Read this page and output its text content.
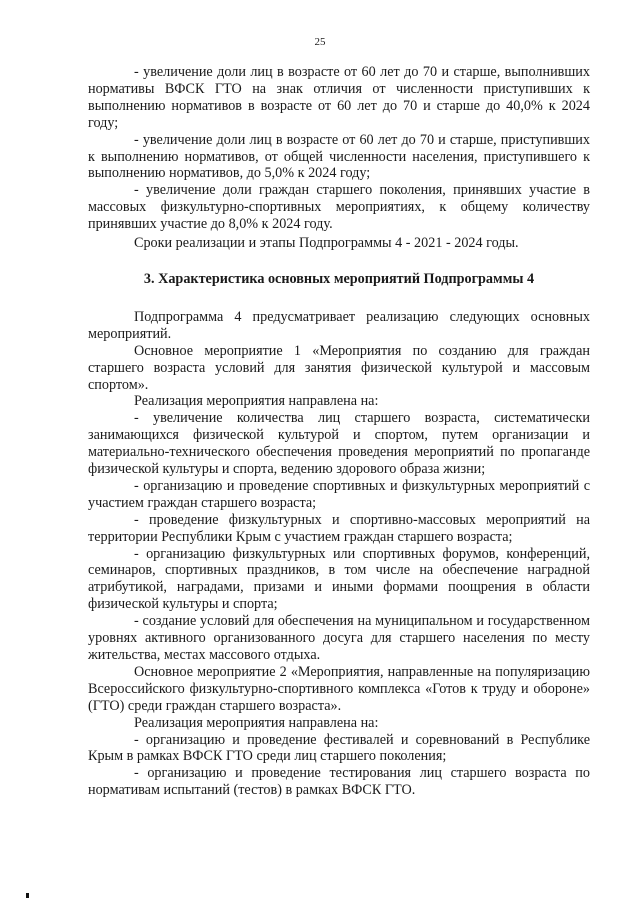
25

- увеличение доли лиц в возрасте от 60 лет до 70 и старше, выполнивших нормативы ВФСК ГТО на знак отличия от численности приступивших к выполнению нормативов в возрасте от 60 лет до 70 и старше до 40,0% к 2024 году;

- увеличение доли лиц в возрасте от 60 лет до 70 и старше, приступивших к выполнению нормативов, от общей численности населения, приступившего к выполнению нормативов, до 5,0% к 2024 году;

- увеличение доли граждан старшего поколения, принявших участие в массовых физкультурно-спортивных мероприятиях, к общему количеству принявших участие до 8,0% к 2024 году.

Сроки реализации и этапы Подпрограммы 4 - 2021 - 2024 годы.

3. Характеристика основных мероприятий Подпрограммы 4

Подпрограмма 4 предусматривает реализацию следующих основных мероприятий.

Основное мероприятие 1 «Мероприятия по созданию для граждан старшего возраста условий для занятия физической культурой и массовым спортом».

Реализация мероприятия направлена на:

- увеличение количества лиц старшего возраста, систематически занимающихся физической культурой и спортом, путем организации и материально-технического обеспечения проведения мероприятий по пропаганде физической культуры и спорта, ведению здорового образа жизни;

- организацию и проведение спортивных и физкультурных мероприятий с участием граждан старшего возраста;

- проведение физкультурных и спортивно-массовых мероприятий на территории Республики Крым с участием граждан старшего возраста;

- организацию физкультурных или спортивных форумов, конференций, семинаров, спортивных праздников, в том числе на обеспечение наградной атрибутикой, наградами, призами и иными формами поощрения в области физической культуры и спорта;

- создание условий для обеспечения на муниципальном и государственном уровнях активного организованного досуга для старшего населения по месту жительства, местах массового отдыха.

Основное мероприятие 2 «Мероприятия, направленные на популяризацию Всероссийского физкультурно-спортивного комплекса «Готов к труду и обороне» (ГТО) среди граждан старшего возраста».

Реализация мероприятия направлена на:

- организацию и проведение фестивалей и соревнований в Республике Крым в рамках ВФСК ГТО среди лиц старшего поколения;

- организацию и проведение тестирования лиц старшего возраста по нормативам испытаний (тестов) в рамках ВФСК ГТО.
